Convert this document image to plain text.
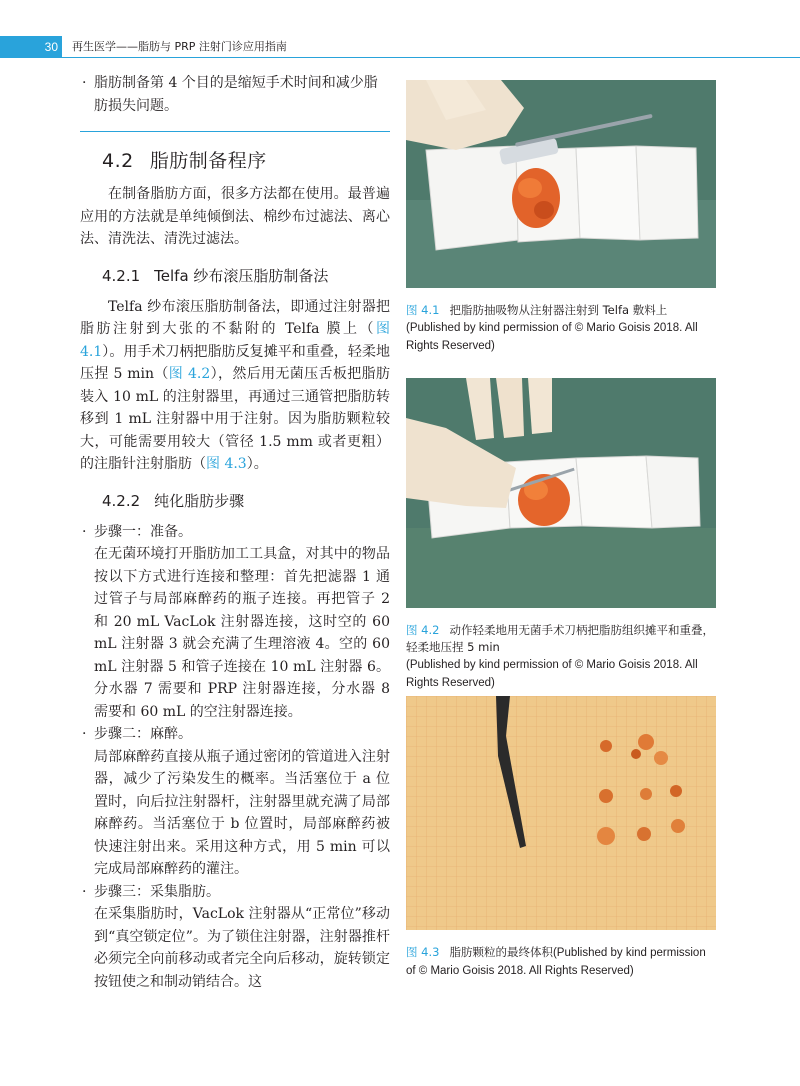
30	再生医学——脂肪与 PRP 注射门诊应用指南

· 脂肪制备第 4 个目的是缩短手术时间和减少脂肪损失问题。

4.2 脂肪制备程序

在制备脂肪方面，很多方法都在使用。最普遍应用的方法就是单纯倾倒法、棉纱布过滤法、离心法、清洗法、清洗过滤法。

4.2.1 Telfa 纱布滚压脂肪制备法

Telfa 纱布滚压脂肪制备法，即通过注射器把脂肪注射到大张的不黏附的 Telfa 膜上（图 4.1）。用手术刀柄把脂肪反复摊平和重叠，轻柔地压捏 5 min（图 4.2），然后用无菌压舌板把脂肪装入 10 mL 的注射器里，再通过三通管把脂肪转移到 1 mL 注射器中用于注射。因为脂肪颗粒较大，可能需要用较大（管径 1.5 mm 或者更粗）的注脂针注射脂肪（图 4.3）。

4.2.2 纯化脂肪步骤

· 步骤一：准备。

在无菌环境打开脂肪加工工具盒，对其中的物品按以下方式进行连接和整理：首先把滤器 1 通过管子与局部麻醉药的瓶子连接。再把管子 2 和 20 mL VacLok 注射器连接，这时空的 60 mL 注射器 3 就会充满了生理溶液 4。空的 60 mL 注射器 5 和管子连接在 10 mL 注射器 6。分水器 7 需要和 PRP 注射器连接，分水器 8 需要和 60 mL 的空注射器连接。

· 步骤二：麻醉。

局部麻醉药直接从瓶子通过密闭的管道进入注射器，减少了污染发生的概率。当活塞位于 a 位置时，向后拉注射器杆，注射器里就充满了局部麻醉药。当活塞位于 b 位置时，局部麻醉药被快速注射出来。采用这种方式，用 5 min 可以完成局部麻醉药的灌注。

· 步骤三：采集脂肪。

在采集脂肪时，VacLok 注射器从“正常位”移动到“真空锁定位”。为了锁住注射器，注射器推杆必须完全向前移动或者完全向后移动，旋转锁定按钮使之和制动销结合。这

图 4.1 把脂肪抽吸物从注射器注射到 Telfa 敷料上
(Published by kind permission of © Mario Goisis 2018. All Rights Reserved)
图 4.2 动作轻柔地用无菌手术刀柄把脂肪组织摊平和重叠，轻柔地压捏 5 min
(Published by kind permission of © Mario Goisis 2018. All Rights Reserved)
图 4.3 脂肪颗粒的最终体积(Published by kind permission of © Mario Goisis 2018. All Rights Reserved)
